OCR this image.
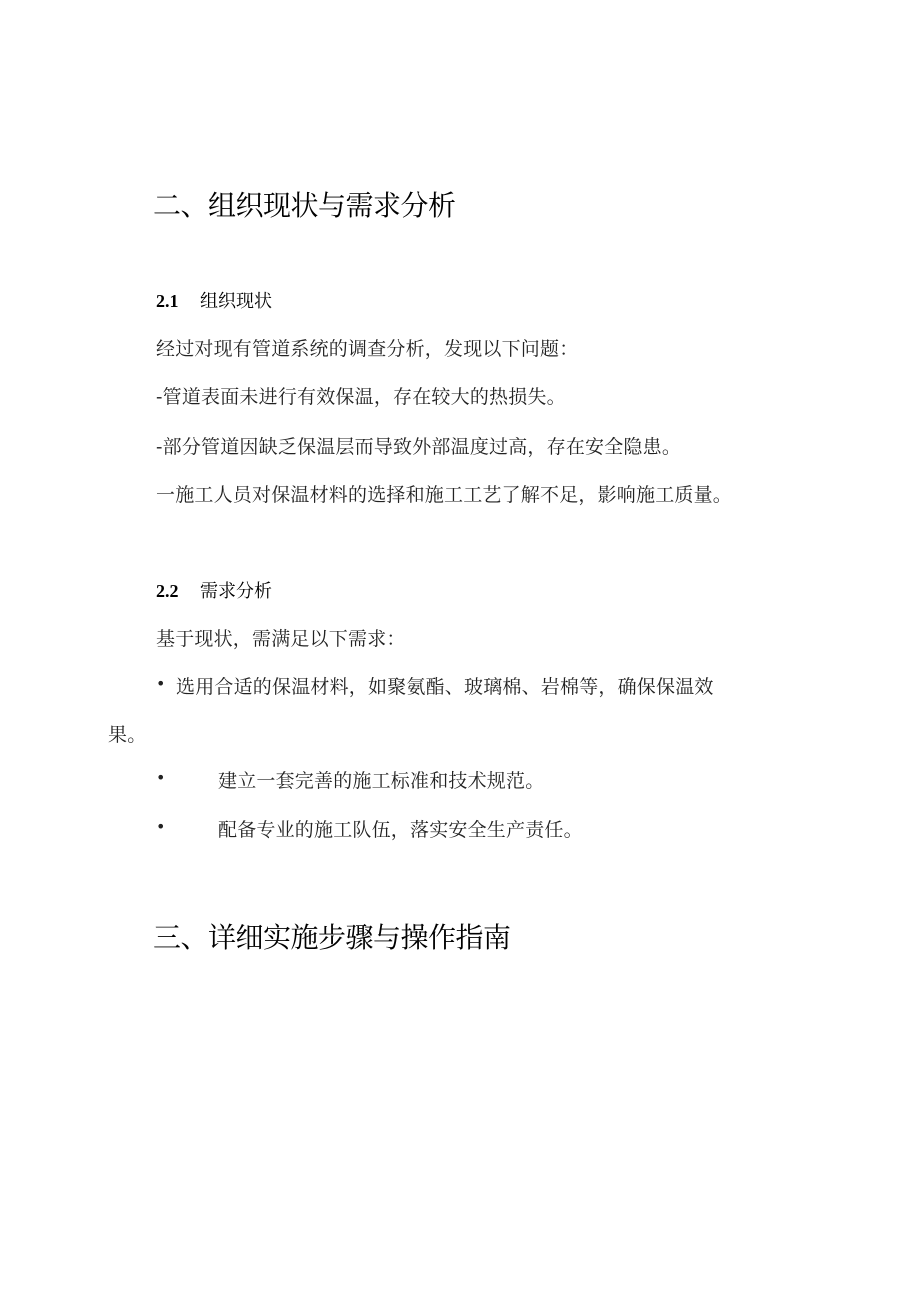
二、组织现状与需求分析
2.1 组织现状

经过对现有管道系统的调查分析，发现以下问题：

-管道表面未进行有效保温，存在较大的热损失。

-部分管道因缺乏保温层而导致外部温度过高，存在安全隐患。

一施工人员对保温材料的选择和施工工艺了解不足，影响施工质量。

2.2 需求分析

基于现状，需满足以下需求：

• 选用合适的保温材料，如聚氨酯、玻璃棉、岩棉等，确保保温效

果。

•	建立一套完善的施工标准和技术规范。

•	配备专业的施工队伍，落实安全生产责任。

三、详细实施步骤与操作指南
